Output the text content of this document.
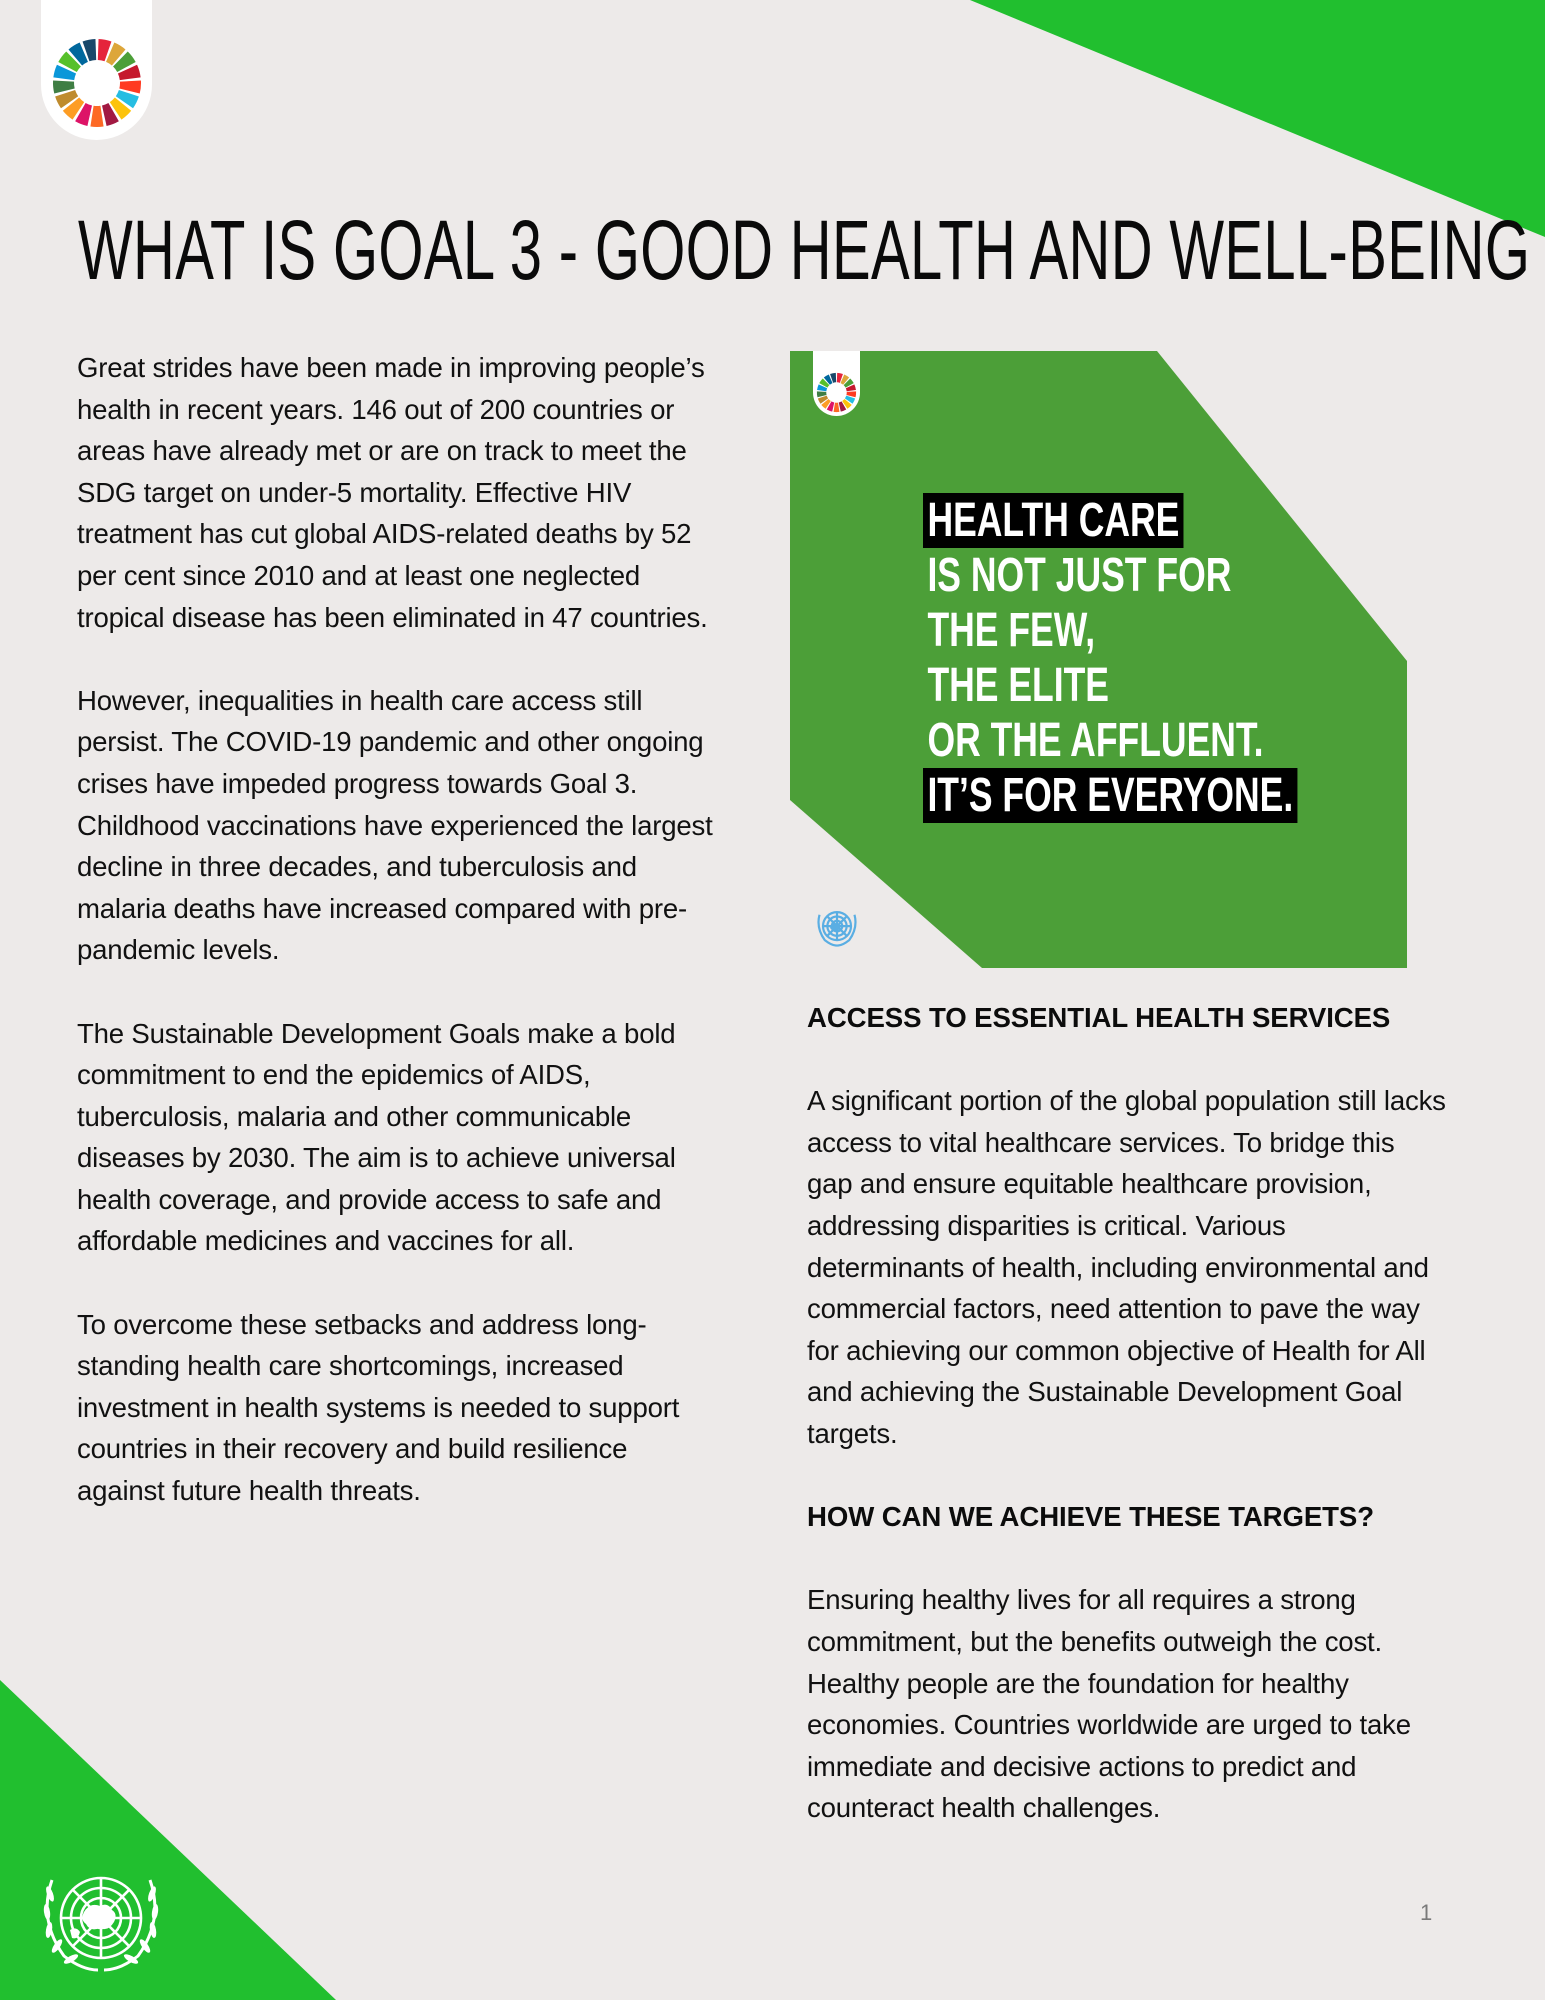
WHAT IS GOAL 3 - GOOD HEALTH AND WELL-BEING

Great strides have been made in improving people’s health in recent years. 146 out of 200 countries or areas have already met or are on track to meet the SDG target on under-5 mortality. Effective HIV treatment has cut global AIDS-related deaths by 52 per cent since 2010 and at least one neglected tropical disease has been eliminated in 47 countries.

However, inequalities in health care access still persist. The COVID-19 pandemic and other ongoing crises have impeded progress towards Goal 3. Childhood vaccinations have experienced the largest decline in three decades, and tuberculosis and malaria deaths have increased compared with pre-pandemic levels.

The Sustainable Development Goals make a bold commitment to end the epidemics of AIDS, tuberculosis, malaria and other communicable diseases by 2030. The aim is to achieve universal health coverage, and provide access to safe and affordable medicines and vaccines for all.

To overcome these setbacks and address long-standing health care shortcomings, increased investment in health systems is needed to support countries in their recovery and build resilience against future health threats.

HEALTH CARE
IS NOT JUST FOR
THE FEW,
THE ELITE
OR THE AFFLUENT.
IT’S FOR EVERYONE.
ACCESS TO ESSENTIAL HEALTH SERVICES

A significant portion of the global population still lacks access to vital healthcare services. To bridge this gap and ensure equitable healthcare provision, addressing disparities is critical. Various determinants of health, including environmental and commercial factors, need attention to pave the way for achieving our common objective of Health for All and achieving the Sustainable Development Goal targets.

HOW CAN WE ACHIEVE THESE TARGETS?

Ensuring healthy lives for all requires a strong commitment, but the benefits outweigh the cost. Healthy people are the foundation for healthy economies. Countries worldwide are urged to take immediate and decisive actions to predict and counteract health challenges.

1
